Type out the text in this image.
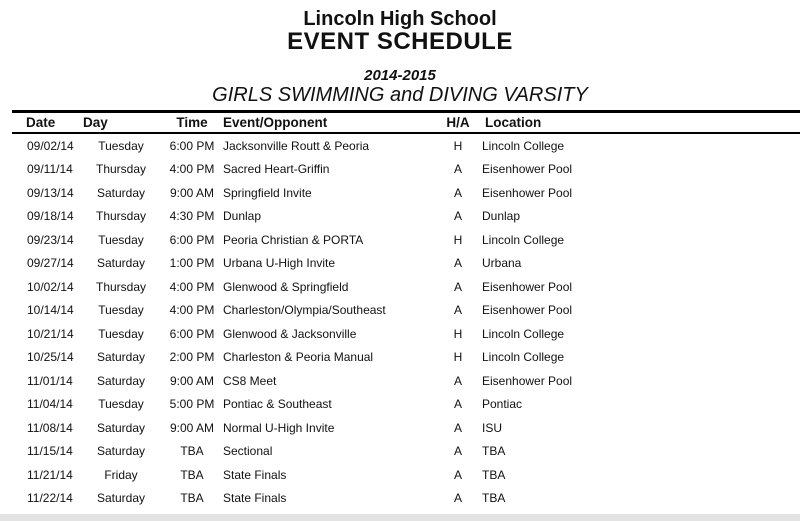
Lincoln High School
EVENT SCHEDULE
2014-2015
GIRLS SWIMMING and DIVING VARSITY
Date	Day	Time	Event/Opponent	H/A	Location
09/02/14	Tuesday	6:00 PM Jacksonville Routt & Peoria	H	Lincoln College
09/11/14	Thursday	4:00 PM Sacred Heart-Griffin	A	Eisenhower Pool
09/13/14	Saturday	9:00 AM Springfield Invite	A	Eisenhower Pool
09/18/14	Thursday	4:30 PM Dunlap	A	Dunlap
09/23/14	Tuesday	6:00 PM Peoria Christian & PORTA	H	Lincoln College
09/27/14	Saturday	1:00 PM Urbana U-High Invite	A	Urbana
10/02/14	Thursday	4:00 PM Glenwood & Springfield	A	Eisenhower Pool
10/14/14	Tuesday	4:00 PM Charleston/Olympia/Southeast	A	Eisenhower Pool
10/21/14	Tuesday	6:00 PM Glenwood & Jacksonville	H	Lincoln College
10/25/14	Saturday	2:00 PM Charleston & Peoria Manual	H	Lincoln College
11/01/14	Saturday	9:00 AM CS8 Meet	A	Eisenhower Pool
11/04/14	Tuesday	5:00 PM Pontiac & Southeast	A	Pontiac
11/08/14	Saturday	9:00 AM Normal U-High Invite	A	ISU
11/15/14	Saturday	TBA	Sectional	A	TBA
11/21/14	Friday	TBA	State Finals	A	TBA
11/22/14	Saturday	TBA	State Finals	A	TBA
